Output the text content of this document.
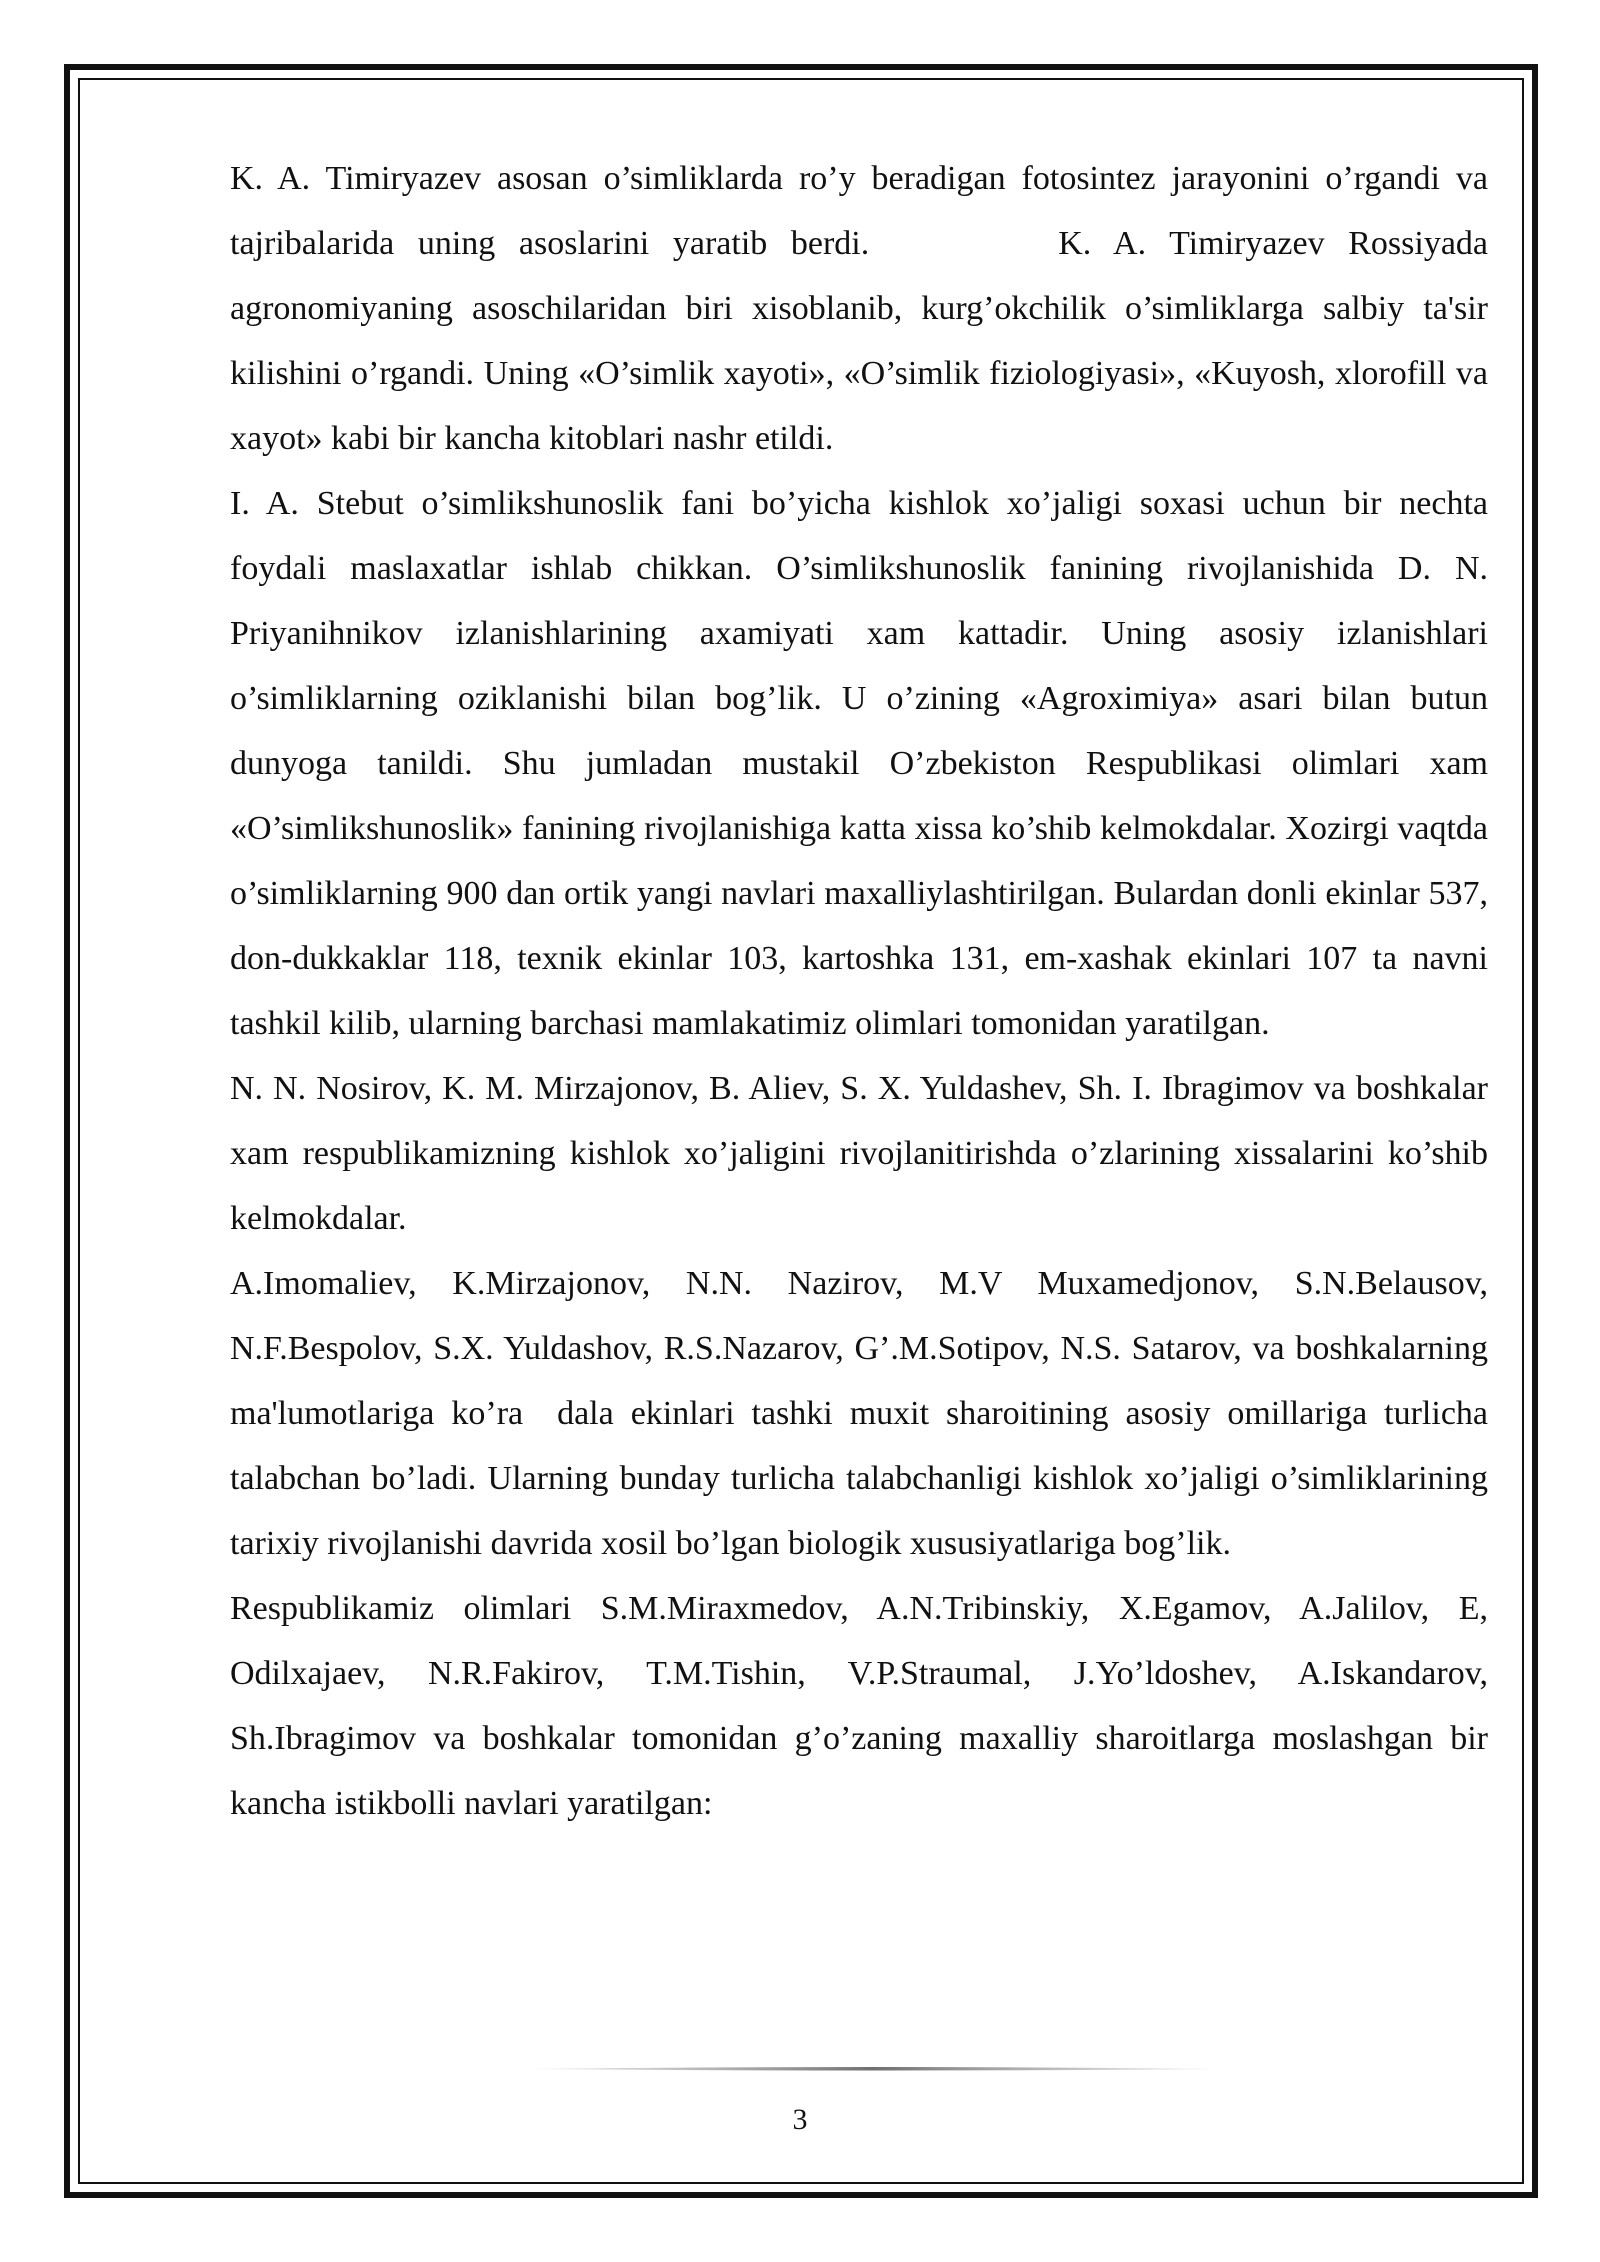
K. A. Timiryazev asosan o’simliklarda ro’y beradigan fotosintez jarayonini o’rgandi va tajribalarida uning asoslarini yaratib berdi.        K. A. Timiryazev Rossiyada agronomiyaning asoschilaridan biri xisoblanib, kurg’okchilik o’simliklarga salbiy ta'sir kilishini o’rgandi. Uning «O’simlik xayoti», «O’simlik fiziologiyasi», «Kuyosh, xlorofill va xayot» kabi bir kancha kitoblari nashr etildi.

I. A. Stebut o’simlikshunoslik fani bo’yicha kishlok xo’jaligi soxasi uchun bir nechta foydali maslaxatlar ishlab chikkan. O’simlikshunoslik fanining rivojlanishida D. N. Priyanihnikov izlanishlarining axamiyati xam kattadir. Uning asosiy izlanishlari o’simliklarning oziklanishi bilan bog’lik. U o’zining «Agroximiya» asari bilan butun dunyoga tanildi. Shu jumladan mustakil O’zbekiston Respublikasi olimlari xam «O’simlikshunoslik» fanining rivojlanishiga katta xissa ko’shib kelmokdalar. Xozirgi vaqtda o’simliklarning 900 dan ortik yangi navlari maxalliylashtirilgan. Bulardan donli ekinlar 537, don-dukkaklar 118, texnik ekinlar 103, kartoshka 131, em-xashak ekinlari 107 ta navni tashkil kilib, ularning barchasi mamlakatimiz olimlari tomonidan yaratilgan.

N. N. Nosirov, K. M. Mirzajonov, B. Aliev, S. X. Yuldashev, Sh. I. Ibragimov va boshkalar xam respublikamizning kishlok xo’jaligini rivojlanitirishda o’zlarining xissalarini ko’shib kelmokdalar.

A.Imomaliev, K.Mirzajonov, N.N. Nazirov, M.V Muxamedjonov, S.N.Belausov, N.F.Bespolov, S.X. Yuldashov, R.S.Nazarov, G’.M.Sotipov, N.S. Satarov, va boshkalarning ma'lumotlariga ko’ra  dala ekinlari tashki muxit sharoitining asosiy omillariga turlicha talabchan bo’ladi. Ularning bunday turlicha talabchanligi kishlok xo’jaligi o’simliklarining tarixiy rivojlanishi davrida xosil bo’lgan biologik xususiyatlariga bog’lik.

Respublikamiz olimlari S.M.Miraxmedov, A.N.Tribinskiy, X.Egamov, A.Jalilov, E, Odilxajaev, N.R.Fakirov, T.M.Tishin, V.P.Straumal, J.Yo’ldoshev, A.Iskandarov, Sh.Ibragimov va boshkalar tomonidan g’o’zaning maxalliy sharoitlarga moslashgan bir kancha istikbolli navlari yaratilgan:

3
